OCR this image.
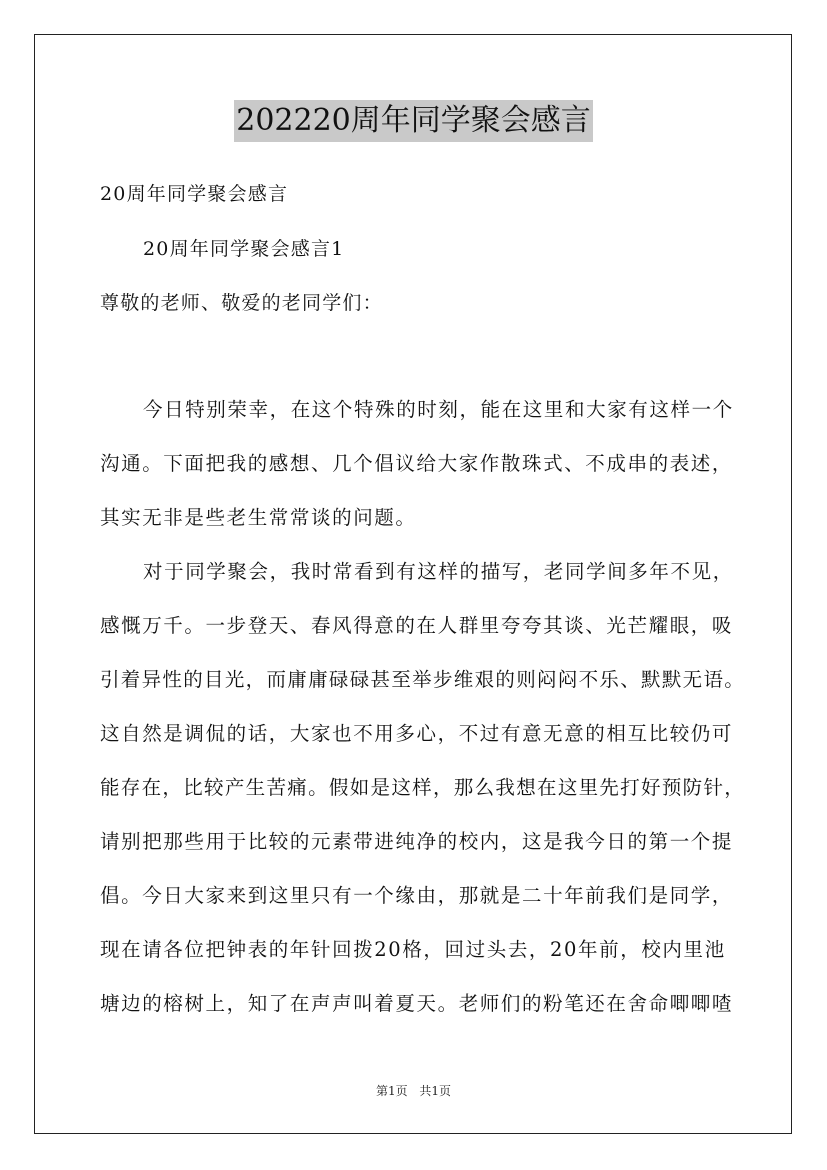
202220周年同学聚会感言
20周年同学聚会感言
20周年同学聚会感言1
尊敬的老师、敬爱的老同学们：
今日特别荣幸，在这个特殊的时刻，能在这里和大家有这样一个
沟通。下面把我的感想、几个倡议给大家作散珠式、不成串的表述，
其实无非是些老生常常谈的问题。
对于同学聚会，我时常看到有这样的描写，老同学间多年不见，
感慨万千。一步登天、春风得意的在人群里夸夸其谈、光芒耀眼，吸
引着异性的目光，而庸庸碌碌甚至举步维艰的则闷闷不乐、默默无语。
这自然是调侃的话，大家也不用多心，不过有意无意的相互比较仍可
能存在，比较产生苦痛。假如是这样，那么我想在这里先打好预防针，
请别把那些用于比较的元素带进纯净的校内，这是我今日的第一个提
倡。今日大家来到这里只有一个缘由，那就是二十年前我们是同学，
现在请各位把钟表的年针回拨20格，回过头去，20年前，校内里池
塘边的榕树上，知了在声声叫着夏天。老师们的粉笔还在舍命唧唧喳
第1页 共1页
